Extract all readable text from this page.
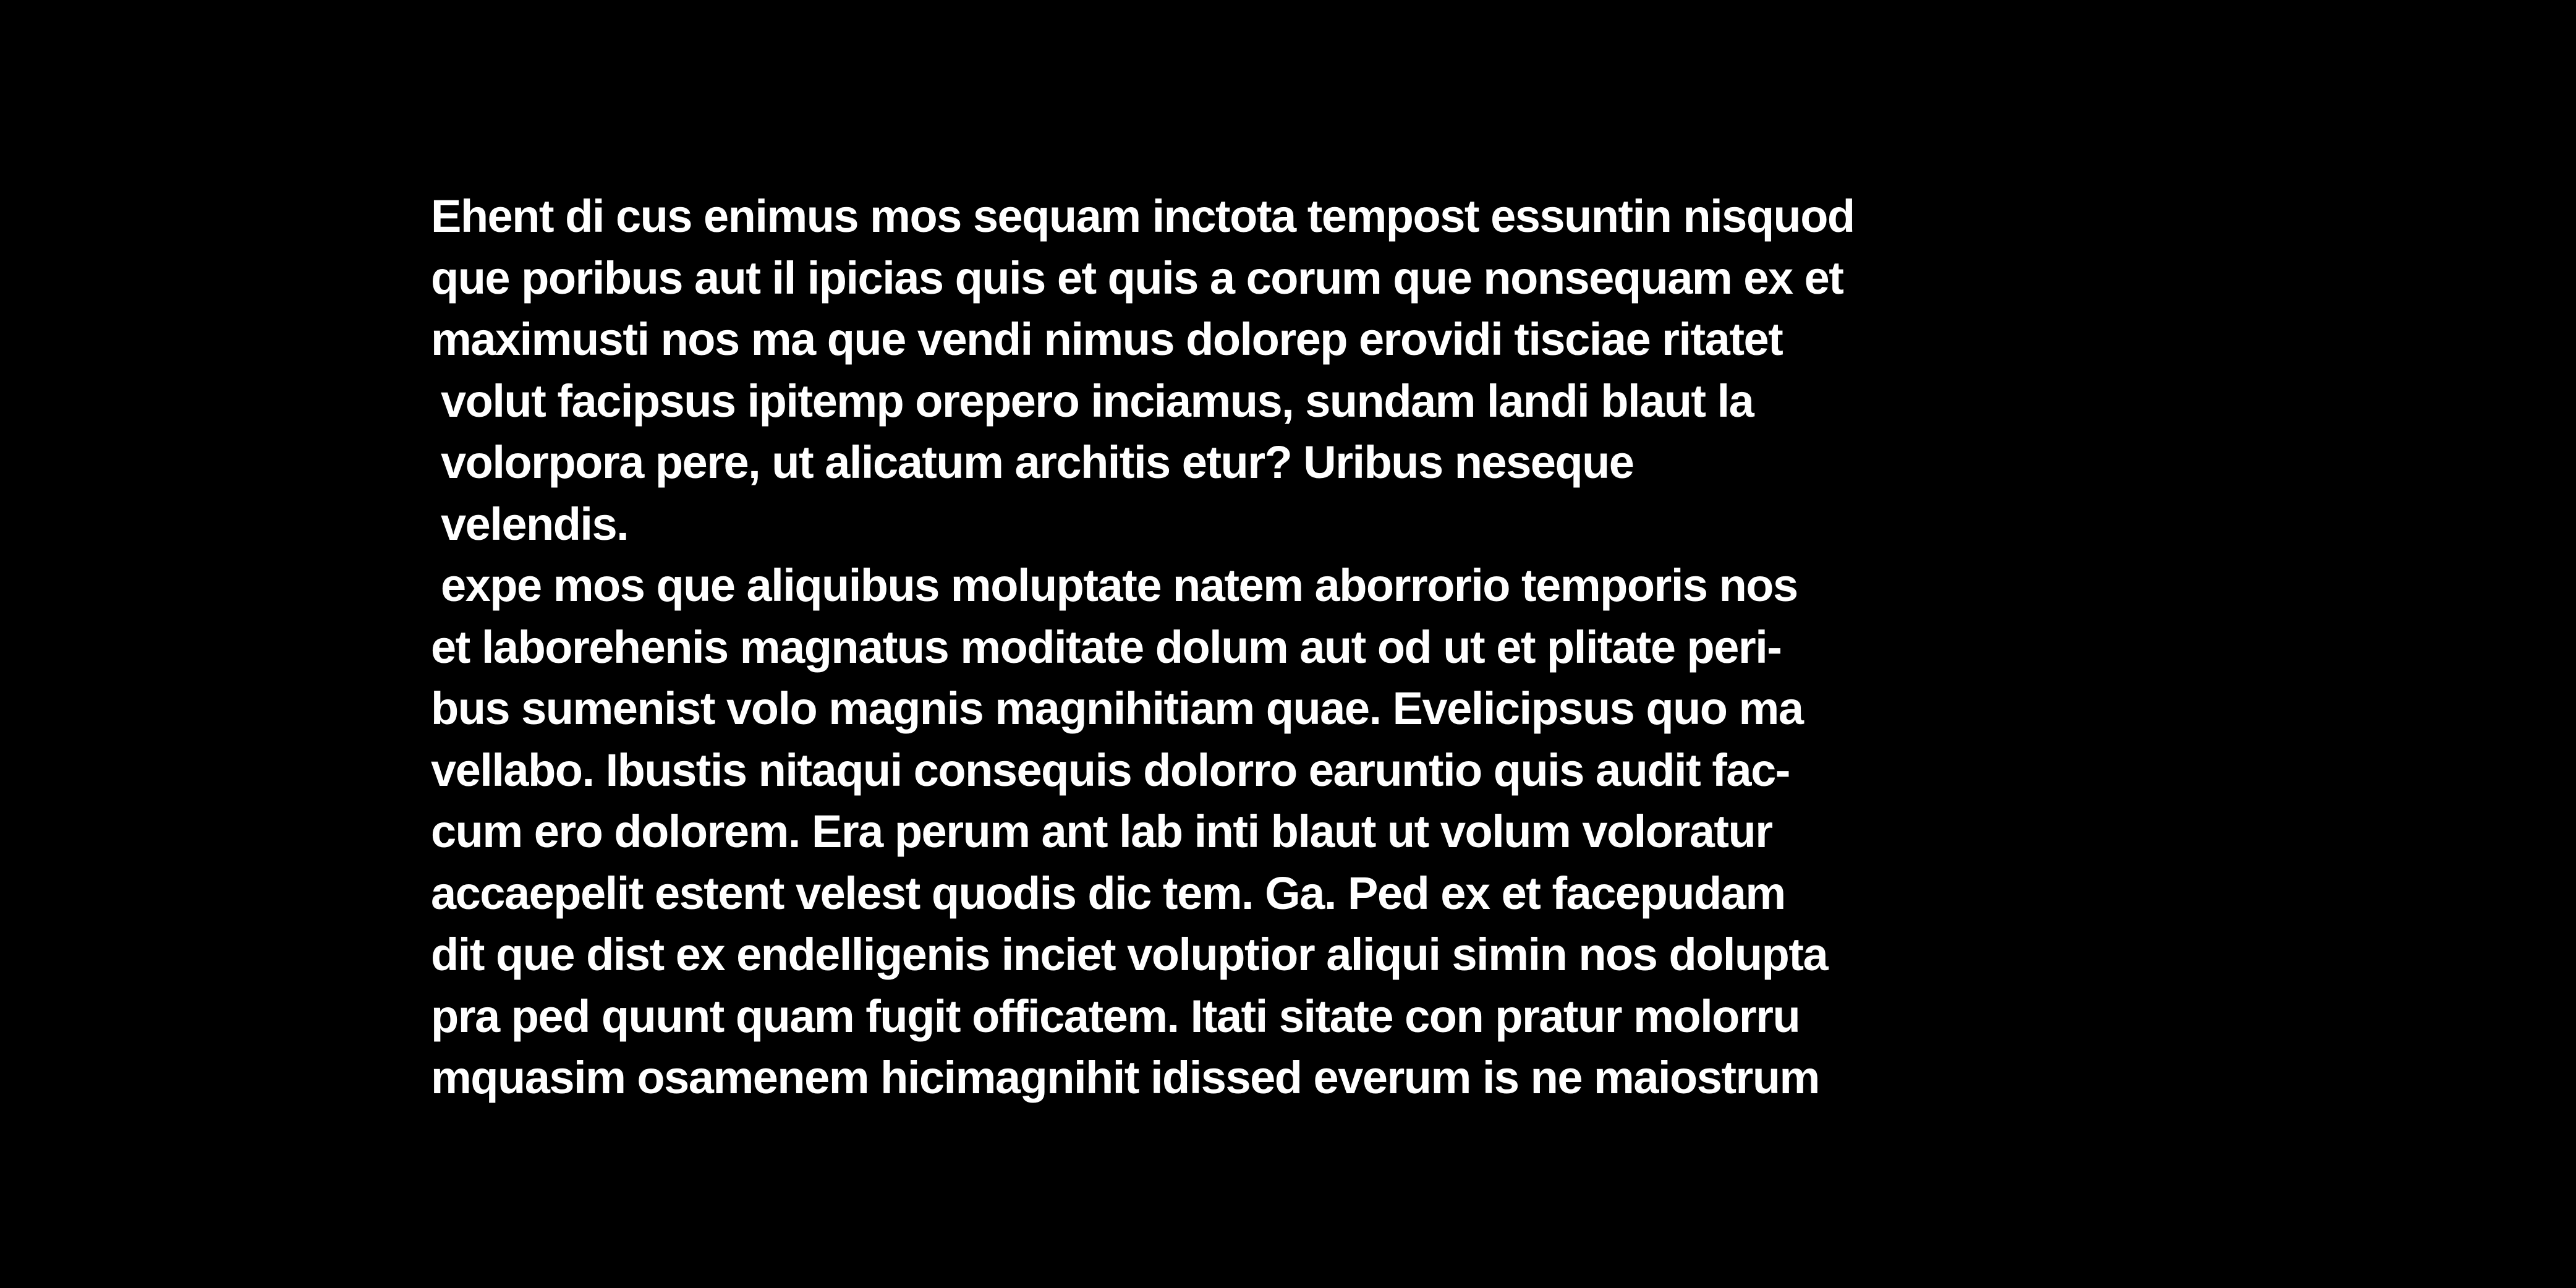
Ehent di cus enimus mos sequam inctota tempost essuntin nisquod
que poribus aut il ipicias quis et quis a corum que nonsequam ex et
maximusti nos ma que vendi nimus dolorep erovidi tisciae ritatet
volut facipsus ipitemp orepero inciamus, sundam landi blaut la
volorpora pere, ut alicatum architis etur? Uribus neseque
velendis.
expe mos que aliquibus moluptate natem aborrorio temporis nos
et laborehenis magnatus moditate dolum aut od ut et plitate peri-
bus sumenist volo magnis magnihitiam quae. Evelicipsus quo ma
vellabo. Ibustis nitaqui consequis dolorro earuntio quis audit fac-
cum ero dolorem. Era perum ant lab inti blaut ut volum voloratur
accaepelit estent velest quodis dic tem. Ga. Ped ex et facepudam
dit que dist ex endelligenis inciet voluptior aliqui simin nos dolupta
pra ped quunt quam fugit officatem. Itati sitate con pratur molorru
mquasim osamenem hicimagnihit idissed everum is ne maiostrum
